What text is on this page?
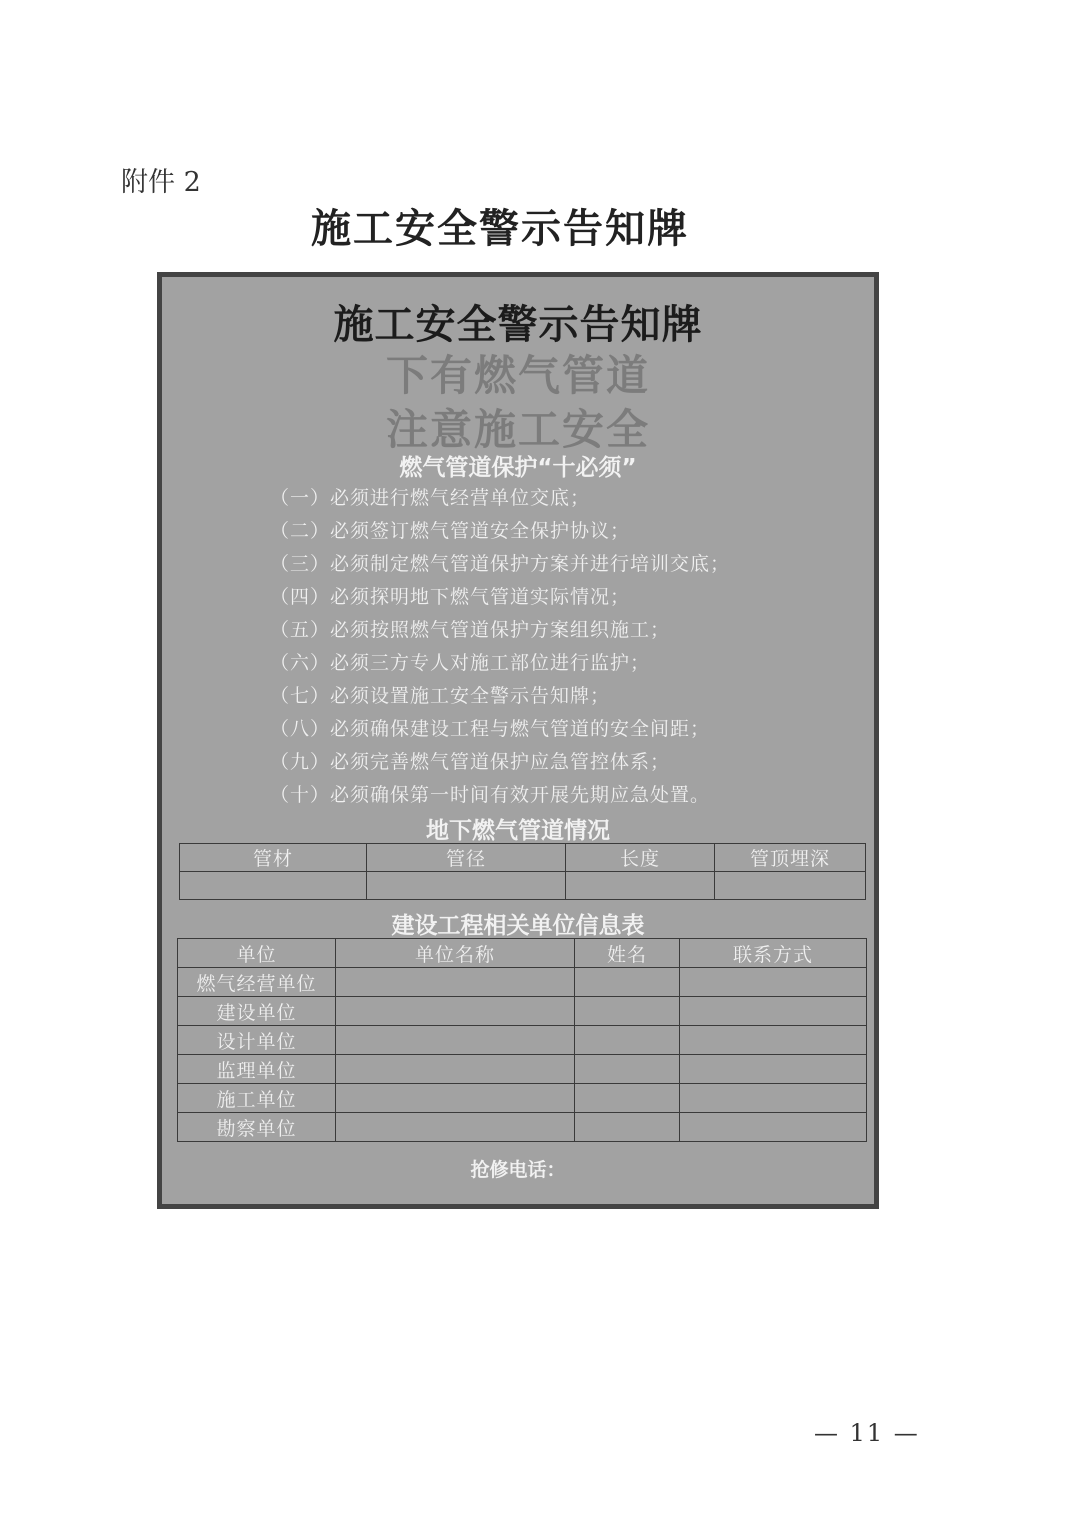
附件 2
施工安全警示告知牌
施工安全警示告知牌
下有燃气管道
注意施工安全
燃气管道保护“十必须”
（一）必须进行燃气经营单位交底；
（二）必须签订燃气管道安全保护协议；
（三）必须制定燃气管道保护方案并进行培训交底；
（四）必须探明地下燃气管道实际情况；
（五）必须按照燃气管道保护方案组织施工；
（六）必须三方专人对施工部位进行监护；
（七）必须设置施工安全警示告知牌；
（八）必须确保建设工程与燃气管道的安全间距；
（九）必须完善燃气管道保护应急管控体系；
（十）必须确保第一时间有效开展先期应急处置。
地下燃气管道情况
管材	管径	长度	管顶埋深

建设工程相关单位信息表
单位	单位名称	姓名	联系方式
燃气经营单位			
建设单位			
设计单位			
监理单位			
施工单位			
勘察单位			
抢修电话：
— 11 —
